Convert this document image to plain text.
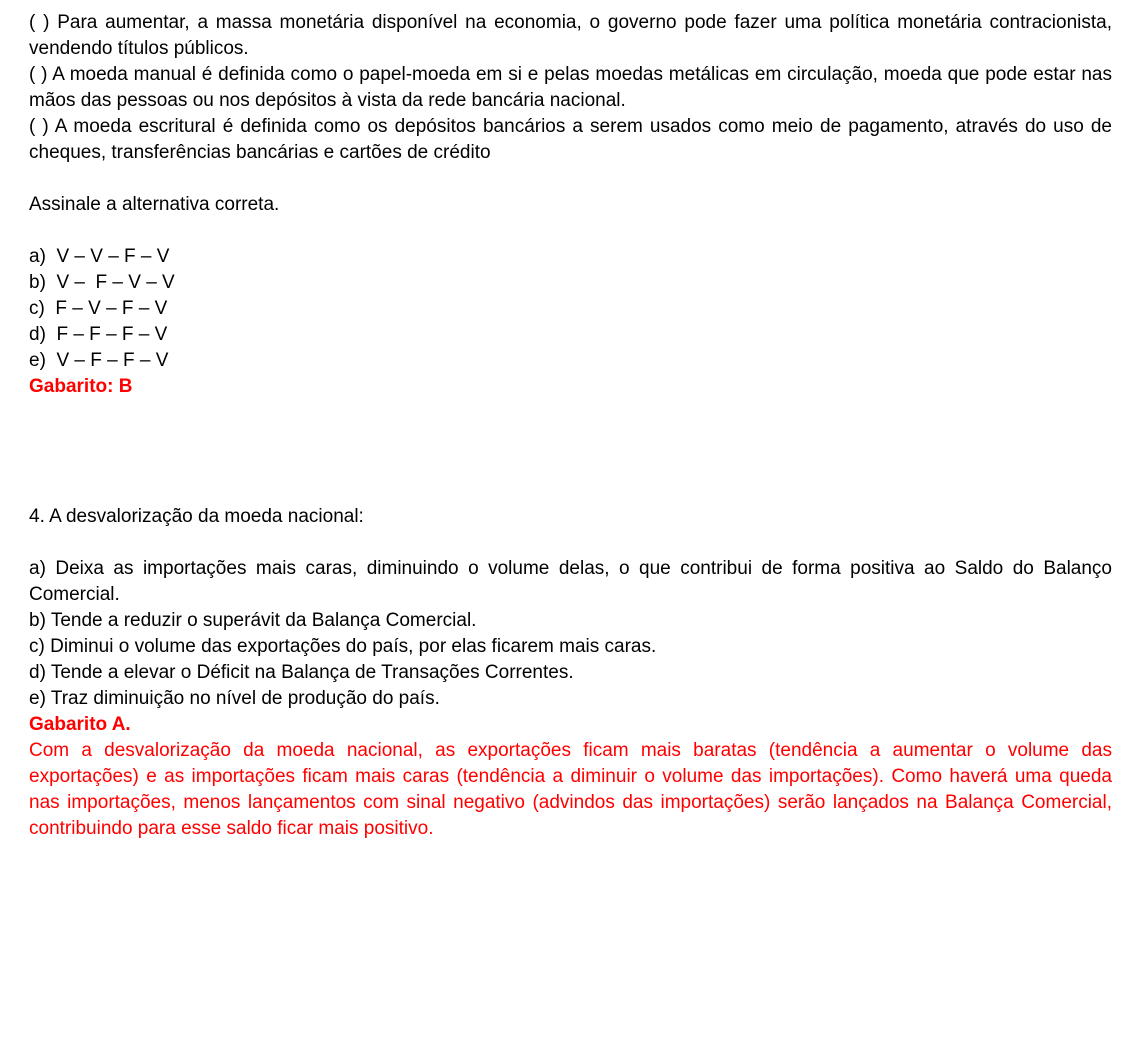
( ) Para aumentar, a massa monetária disponível na economia, o governo pode fazer uma política monetária contracionista, vendendo títulos públicos.

( ) A moeda manual é definida como o papel-moeda em si e pelas moedas metálicas em circulação, moeda que pode estar nas mãos das pessoas ou nos depósitos à vista da rede bancária nacional.

( ) A moeda escritural é definida como os depósitos bancários a serem usados como meio de pagamento, através do uso de cheques, transferências bancárias e cartões de crédito

Assinale a alternativa correta.

a)  V – V – F – V

b)  V –  F – V – V

c)  F – V – F – V

d)  F – F – F – V

e)  V – F – F – V

Gabarito: B

4. A desvalorização da moeda nacional:

a) Deixa as importações mais caras, diminuindo o volume delas, o que contribui de forma positiva ao Saldo do Balanço Comercial.

b) Tende a reduzir o superávit da Balança Comercial.

c) Diminui o volume das exportações do país, por elas ficarem mais caras.

d) Tende a elevar o Déficit na Balança de Transações Correntes.

e) Traz diminuição no nível de produção do país.

Gabarito A.

Com a desvalorização da moeda nacional, as exportações ficam mais baratas (tendência a aumentar o volume das exportações) e as importações ficam mais caras (tendência a diminuir o volume das importações). Como haverá uma queda nas importações, menos lançamentos com sinal negativo (advindos das importações) serão lançados na Balança Comercial, contribuindo para esse saldo ficar mais positivo.
